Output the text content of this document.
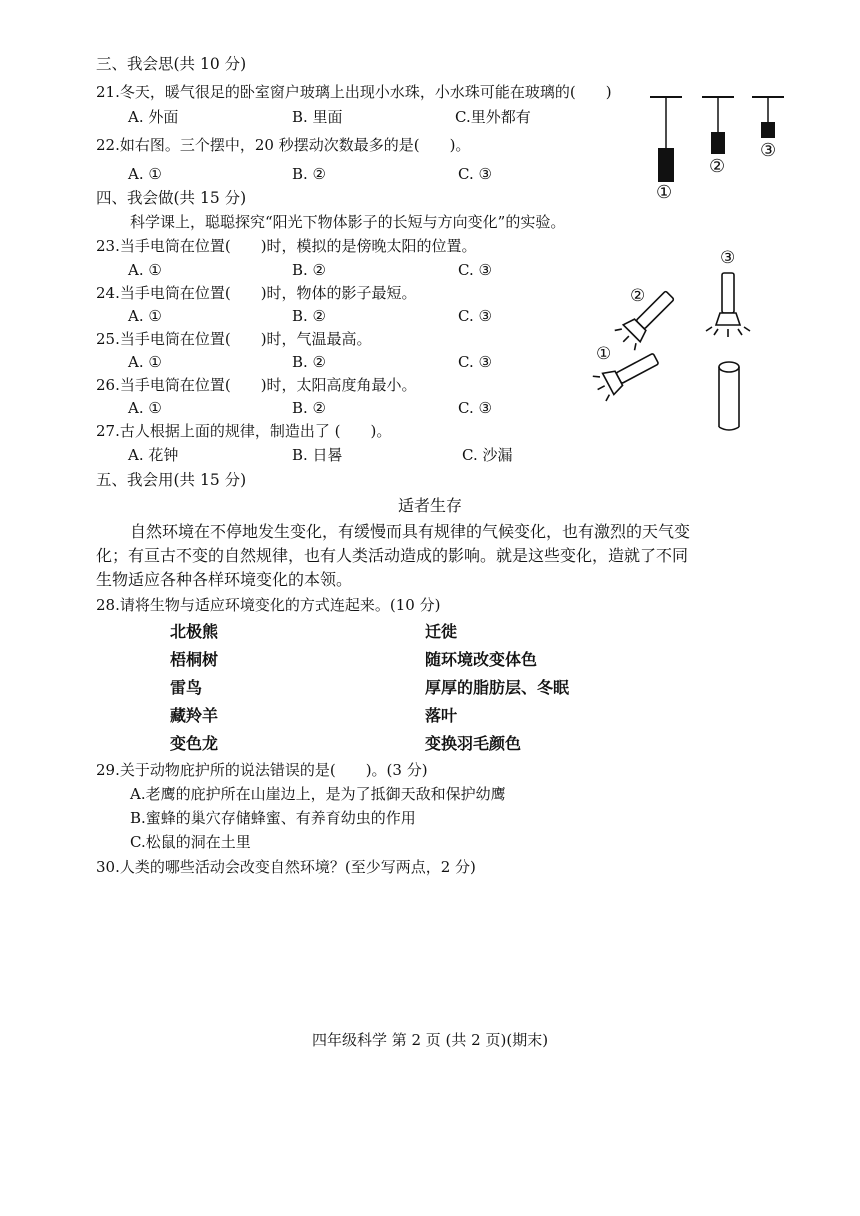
三、我会思(共 10 分)
21.冬天，暖气很足的卧室窗户玻璃上出现小水珠，小水珠可能在玻璃的(　　)
A. 外面	B. 里面	C.里外都有
22.如右图。三个摆中，20 秒摆动次数最多的是(　　)。
A. ①	B. ②	C. ③
①
②
③
四、我会做(共 15 分)
科学课上，聪聪探究“阳光下物体影子的长短与方向变化”的实验。
23.当手电筒在位置(　　)时，模拟的是傍晚太阳的位置。
A. ①	B. ②	C. ③
24.当手电筒在位置(　　)时，物体的影子最短。
A. ①	B. ②	C. ③
25.当手电筒在位置(　　)时，气温最高。
A. ①	B. ②	C. ③
26.当手电筒在位置(　　)时，太阳高度角最小。
A. ①	B. ②	C. ③
27.古人根据上面的规律，制造出了 (　　)。
A. 花钟	B. 日晷	C. 沙漏
③
②
①
五、我会用(共 15 分)
适者生存
自然环境在不停地发生变化，有缓慢而具有规律的气候变化，也有激烈的天气变
化；有亘古不变的自然规律，也有人类活动造成的影响。就是这些变化，造就了不同
生物适应各种各样环境变化的本领。
28.请将生物与适应环境变化的方式连起来。(10 分)
北极熊
梧桐树
雷鸟
藏羚羊
变色龙
迁徙
随环境改变体色
厚厚的脂肪层、冬眠
落叶
变换羽毛颜色
29.关于动物庇护所的说法错误的是(　　)。(3 分)
A.老鹰的庇护所在山崖边上，是为了抵御天敌和保护幼鹰
B.蜜蜂的巢穴存储蜂蜜、有养育幼虫的作用
C.松鼠的洞在土里
30.人类的哪些活动会改变自然环境？(至少写两点，2 分)
四年级科学 第 2 页 (共 2 页)(期末)
